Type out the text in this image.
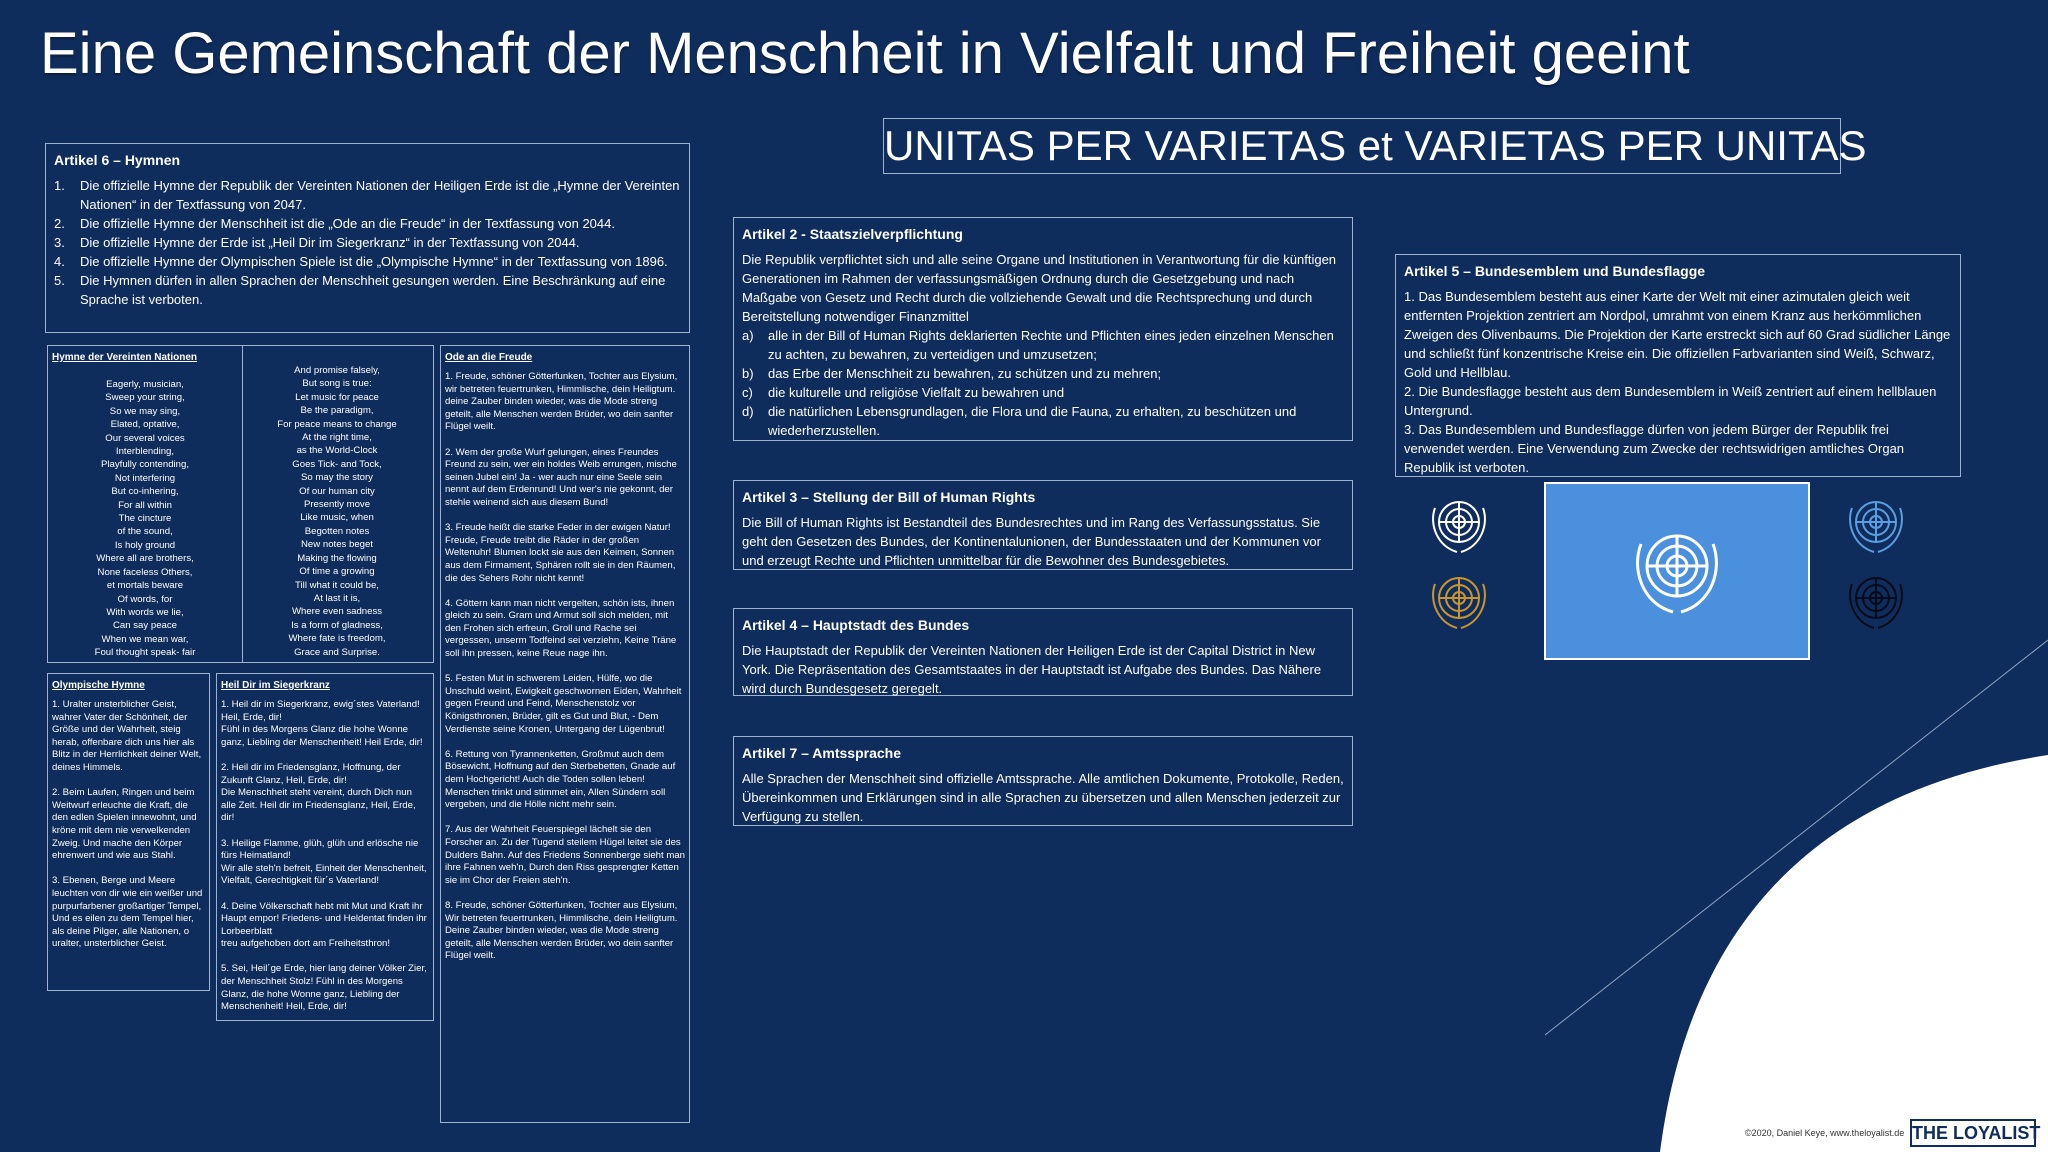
Eine Gemeinschaft der Menschheit in Vielfalt und Freiheit geeint
UNITAS PER VARIETAS et VARIETAS PER UNITAS
Artikel 6 – Hymnen
1. Die offizielle Hymne der Republik der Vereinten Nationen der Heiligen Erde ist die „Hymne der Vereinten Nationen“ in der Textfassung von 2047.
2. Die offizielle Hymne der Menschheit ist die „Ode an die Freude“ in der Textfassung von 2044.
3. Die offizielle Hymne der Erde ist „Heil Dir im Siegerkranz“ in der Textfassung von 2044.
4. Die offizielle Hymne der Olympischen Spiele ist die „Olympische Hymne“ in der Textfassung von 1896.
5. Die Hymnen dürfen in allen Sprachen der Menschheit gesungen werden. Eine Beschränkung auf eine Sprache ist verboten.
Hymne der Vereinten Nationen
Eagerly, musician,
Sweep your string,
So we may sing,
Elated, optative,
Our several voices
Interblending,
Playfully contending,
Not interfering
But co-inhering,
For all within
The cincture
of the sound,
Is holy ground
Where all are brothers,
None faceless Others,
et mortals beware
Of words, for
With words we lie,
Can say peace
When we mean war,
Foul thought speak- fair
And promise falsely,
But song is true:
Let music for peace
Be the paradigm,
For peace means to change
At the right time,
as the World-Clock
Goes Tick- and Tock,
So may the story
Of our human city
Presently move
Like music, when
Begotten notes
New notes beget
Making the flowing
Of time a growing
Till what it could be,
At last it is,
Where even sadness
Is a form of gladness,
Where fate is freedom,
Grace and Surprise.
Olympische Hymne
1. Uralter unsterblicher Geist, wahrer Vater der Schönheit, der Größe und der Wahrheit, steig herab, offenbare dich uns hier als Blitz in der Herrlichkeit deiner Welt, deines Himmels.

2. Beim Laufen, Ringen und beim Weitwurf erleuchte die Kraft, die den edlen Spielen innewohnt, und kröne mit dem nie verwelkenden Zweig. Und mache den Körper ehrenwert und wie aus Stahl.

3. Ebenen, Berge und Meere leuchten von dir wie ein weißer und purpurfarbener großartiger Tempel,
Und es eilen zu dem Tempel hier, als deine Pilger, alle Nationen, o uralter, unsterblicher Geist.
Heil Dir im Siegerkranz
1. Heil dir im Siegerkranz, ewig´stes Vaterland! Heil, Erde, dir!
Fühl in des Morgens Glanz die hohe Wonne ganz, Liebling der Menschenheit! Heil Erde, dir!

2. Heil dir im Friedensglanz, Hoffnung, der Zukunft Glanz, Heil, Erde, dir!
Die Menschheit steht vereint, durch Dich nun alle Zeit. Heil dir im Friedensglanz, Heil, Erde, dir!

3. Heilige Flamme, glüh, glüh und erlösche nie fürs Heimatland!
Wir alle steh'n befreit, Einheit der Menschenheit, Vielfalt, Gerechtigkeit für´s Vaterland!

4. Deine Völkerschaft hebt mit Mut und Kraft ihr Haupt empor! Friedens- und Heldentat finden ihr Lorbeerblatt
treu aufgehoben dort am Freiheitsthron!

5. Sei, Heil´ge Erde, hier lang deiner Völker Zier, der Menschheit Stolz! Fühl in des Morgens Glanz, die hohe Wonne ganz, Liebling der Menschenheit! Heil, Erde, dir!
Ode an die Freude
1. Freude, schöner Götterfunken, Tochter aus Elysium, wir betreten feuertrunken, Himmlische, dein Heiligtum. deine Zauber binden wieder, was die Mode streng geteilt, alle Menschen werden Brüder, wo dein sanfter Flügel weilt.

2. Wem der große Wurf gelungen, eines Freundes Freund zu sein, wer ein holdes Weib errungen, mische seinen Jubel ein! Ja - wer auch nur eine Seele sein nennt auf dem Erdenrund! Und wer's nie gekonnt, der stehle weinend sich aus diesem Bund!

3. Freude heißt die starke Feder in der ewigen Natur! Freude, Freude treibt die Räder in der großen Weltenuhr! Blumen lockt sie aus den Keimen, Sonnen aus dem Firmament, Sphären rollt sie in den Räumen, die des Sehers Rohr nicht kennt!

4. Göttern kann man nicht vergelten, schön ists, ihnen gleich zu sein. Gram und Armut soll sich melden, mit den Frohen sich erfreun, Groll und Rache sei vergessen, unserm Todfeind sei verziehn, Keine Träne soll ihn pressen, keine Reue nage ihn.

5. Festen Mut in schwerem Leiden, Hülfe, wo die Unschuld weint, Ewigkeit geschwornen Eiden, Wahrheit gegen Freund und Feind, Menschenstolz vor Königsthronen, Brüder, gilt es Gut und Blut, - Dem Verdienste seine Kronen, Untergang der Lügenbrut!

6. Rettung von Tyrannenketten, Großmut auch dem Bösewicht, Hoffnung auf den Sterbebetten, Gnade auf dem Hochgericht! Auch die Toden sollen leben! Menschen trinkt und stimmet ein, Allen Sündern soll vergeben, und die Hölle nicht mehr sein.

7. Aus der Wahrheit Feuerspiegel lächelt sie den Forscher an. Zu der Tugend steilem Hügel leitet sie des Dulders Bahn. Auf des Friedens Sonnenberge sieht man ihre Fahnen weh'n, Durch den Riss gesprengter Ketten sie im Chor der Freien steh'n.

8. Freude, schöner Götterfunken, Tochter aus Elysium, Wir betreten feuertrunken, Himmlische, dein Heiligtum. Deine Zauber binden wieder, was die Mode streng geteilt, alle Menschen werden Brüder, wo dein sanfter Flügel weilt.
Artikel 2 - Staatszielverpflichtung

Die Republik verpflichtet sich und alle seine Organe und Institutionen in Verantwortung für die künftigen Generationen im Rahmen der verfassungsmäßigen Ordnung durch die Gesetzgebung und nach Maßgabe von Gesetz und Recht durch die vollziehende Gewalt und die Rechtsprechung und durch Bereitstellung notwendiger Finanzmittel

a) alle in der Bill of Human Rights deklarierten Rechte und Pflichten eines jeden einzelnen Menschen zu achten, zu bewahren, zu verteidigen und umzusetzen;
b) das Erbe der Menschheit zu bewahren, zu schützen und zu mehren;
c) die kulturelle und religiöse Vielfalt zu bewahren und
d) die natürlichen Lebensgrundlagen, die Flora und die Fauna, zu erhalten, zu beschützen und wiederherzustellen.
Artikel 3 – Stellung der Bill of Human Rights

Die Bill of Human Rights ist Bestandteil des Bundesrechtes und im Rang des Verfassungsstatus. Sie geht den Gesetzen des Bundes, der Kontinentalunionen, der Bundesstaaten und der Kommunen vor und erzeugt Rechte und Pflichten unmittelbar für die Bewohner des Bundesgebietes.

Artikel 4 – Hauptstadt des Bundes

Die Hauptstadt der Republik der Vereinten Nationen der Heiligen Erde ist der Capital District in New York. Die Repräsentation des Gesamtstaates in der Hauptstadt ist Aufgabe des Bundes. Das Nähere wird durch Bundesgesetz geregelt.

Artikel 7 – Amtssprache

Alle Sprachen der Menschheit sind offizielle Amtssprache. Alle amtlichen Dokumente, Protokolle, Reden, Übereinkommen und Erklärungen sind in alle Sprachen zu übersetzen und allen Menschen jederzeit zur Verfügung zu stellen.

Artikel 5 – Bundesemblem und Bundesflagge

1. Das Bundesemblem besteht aus einer Karte der Welt mit einer azimutalen gleich weit entfernten Projektion zentriert am Nordpol, umrahmt von einem Kranz aus herkömmlichen Zweigen des Olivenbaums. Die Projektion der Karte erstreckt sich auf 60 Grad südlicher Länge und schließt fünf konzentrische Kreise ein. Die offiziellen Farbvarianten sind Weiß, Schwarz, Gold und Hellblau.
2. Die Bundesflagge besteht aus dem Bundesemblem in Weiß zentriert auf einem hellblauen Untergrund.
3. Das Bundesemblem und Bundesflagge dürfen von jedem Bürger der Republik frei verwendet werden. Eine Verwendung zum Zwecke der rechtswidrigen amtliches Organ Republik ist verboten.

©2020, Daniel Keye, www.theloyalist.de THE LOYALIST
